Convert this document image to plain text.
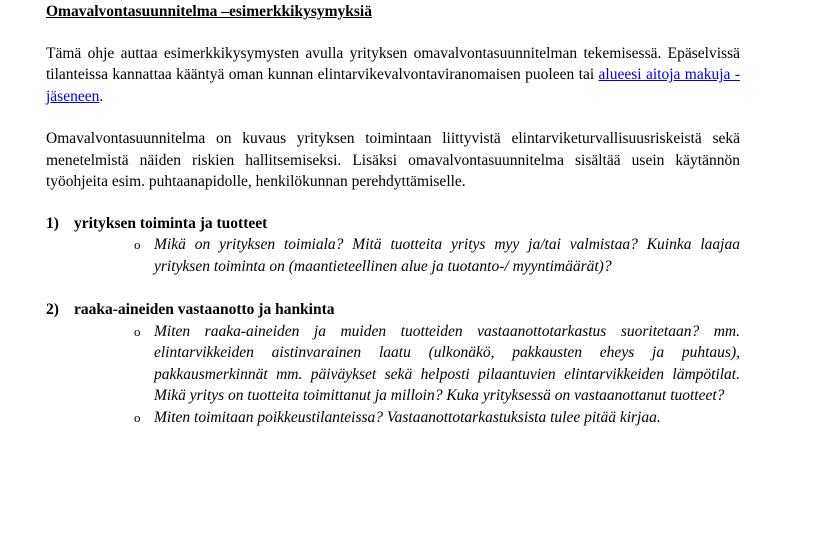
Omavalvontasuunnitelma –esimerkkikysymyksiä

Tämä ohje auttaa esimerkkikysymysten avulla yrityksen omavalvontasuunnitelman tekemisessä. Epäselvissä tilanteissa kannattaa kääntyä oman kunnan elintarvikevalvontaviranomaisen puoleen tai alueesi aitoja makuja -jäseneen.

Omavalvontasuunnitelma on kuvaus yrityksen toimintaan liittyvistä elintarviketurvallisuusriskeistä sekä menetelmistä näiden riskien hallitsemiseksi. Lisäksi omavalvontasuunnitelma sisältää usein käytännön työohjeita esim. puhtaanapidolle, henkilökunnan perehdyttämiselle.

1) yrityksen toiminta ja tuotteet

o Mikä on yrityksen toimiala? Mitä tuotteita yritys myy ja/tai valmistaa? Kuinka laajaa yrityksen toiminta on (maantieteellinen alue ja tuotanto-/ myyntimäärät)?

2) raaka-aineiden vastaanotto ja hankinta

o Miten raaka-aineiden ja muiden tuotteiden vastaanottotarkastus suoritetaan? mm. elintarvikkeiden aistinvarainen laatu (ulkonäkö, pakkausten eheys ja puhtaus), pakkausmerkinnät mm. päiväykset sekä helposti pilaantuvien elintarvikkeiden lämpötilat. Mikä yritys on tuotteita toimittanut ja milloin? Kuka yrityksessä on vastaanottanut tuotteet?
o Miten toimitaan poikkeustilanteissa? Vastaanottotarkastuksista tulee pitää kirjaa.
